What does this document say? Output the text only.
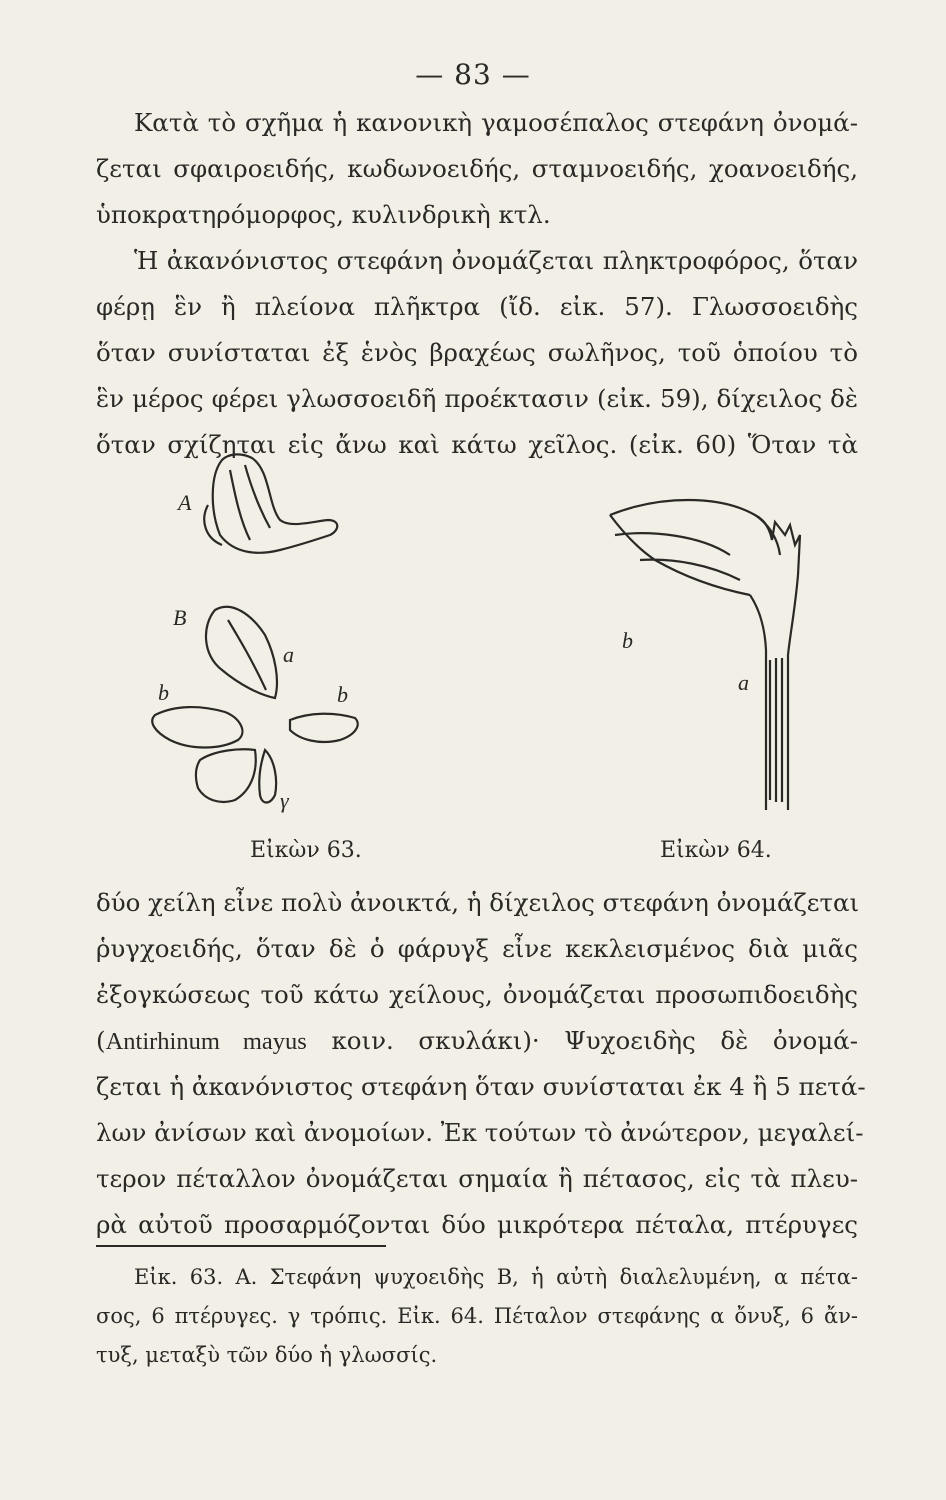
— 83 —
Κατὰ τὸ σχῆμα ἡ κανονικὴ γαμοσέπαλος στεφάνη ὀνομά-
ζεται σφαιροειδής, κωδωνοειδής, σταμνοειδής, χοανοειδής,
ὑποκρατηρόμορφος, κυλινδρικὴ κτλ.
Ἡ ἀκανόνιστος στεφάνη ὀνομάζεται πληκτροφόρος, ὅταν
φέρῃ ἓν ἢ πλείονα πλῆκτρα (ἴδ. εἰκ. 57). Γλωσσοειδὴς
ὅταν συνίσταται ἐξ ἑνὸς βραχέως σωλῆνος, τοῦ ὁποίου τὸ
ἓν μέρος φέρει γλωσσοειδῆ προέκτασιν (εἰκ. 59), δίχειλος δὲ
ὅταν σχίζηται εἰς ἄνω καὶ κάτω χεῖλος. (εἰκ. 60) Ὅταν τὰ
A
B
a
b	b
γ
b
a
Εἰκὼν 63.	Εἰκὼν 64.
δύο χείλη εἶνε πολὺ ἀνοικτά, ἡ δίχειλος στεφάνη ὀνομάζεται
ῥυγχοειδής, ὅταν δὲ ὁ φάρυγξ εἶνε κεκλεισμένος διὰ μιᾶς
ἐξογκώσεως τοῦ κάτω χείλους, ὀνομάζεται προσωπιδοειδὴς
(Antirhinum mayus κοιν. σκυλάκι)· Ψυχοειδὴς δὲ ὀνομά-
ζεται ἡ ἀκανόνιστος στεφάνη ὅταν συνίσταται ἐκ 4 ἢ 5 πετά-
λων ἀνίσων καὶ ἀνομοίων. Ἐκ τούτων τὸ ἀνώτερον, μεγαλεί-
τερον πέταλλον ὀνομάζεται σημαία ἢ πέτασος, εἰς τὰ πλευ-
ρὰ αὐτοῦ προσαρμόζονται δύο μικρότερα πέταλα, πτέρυγες
Εἰκ. 63. Α. Στεφάνη ψυχοειδὴς Β, ἡ αὐτὴ διαλελυμένη, α πέτα-
σος, 6 πτέρυγες. γ τρόπις. Εἰκ. 64. Πέταλον στεφάνης α ὄνυξ, 6 ἄν-
τυξ, μεταξὺ τῶν δύο ἡ γλωσσίς.
